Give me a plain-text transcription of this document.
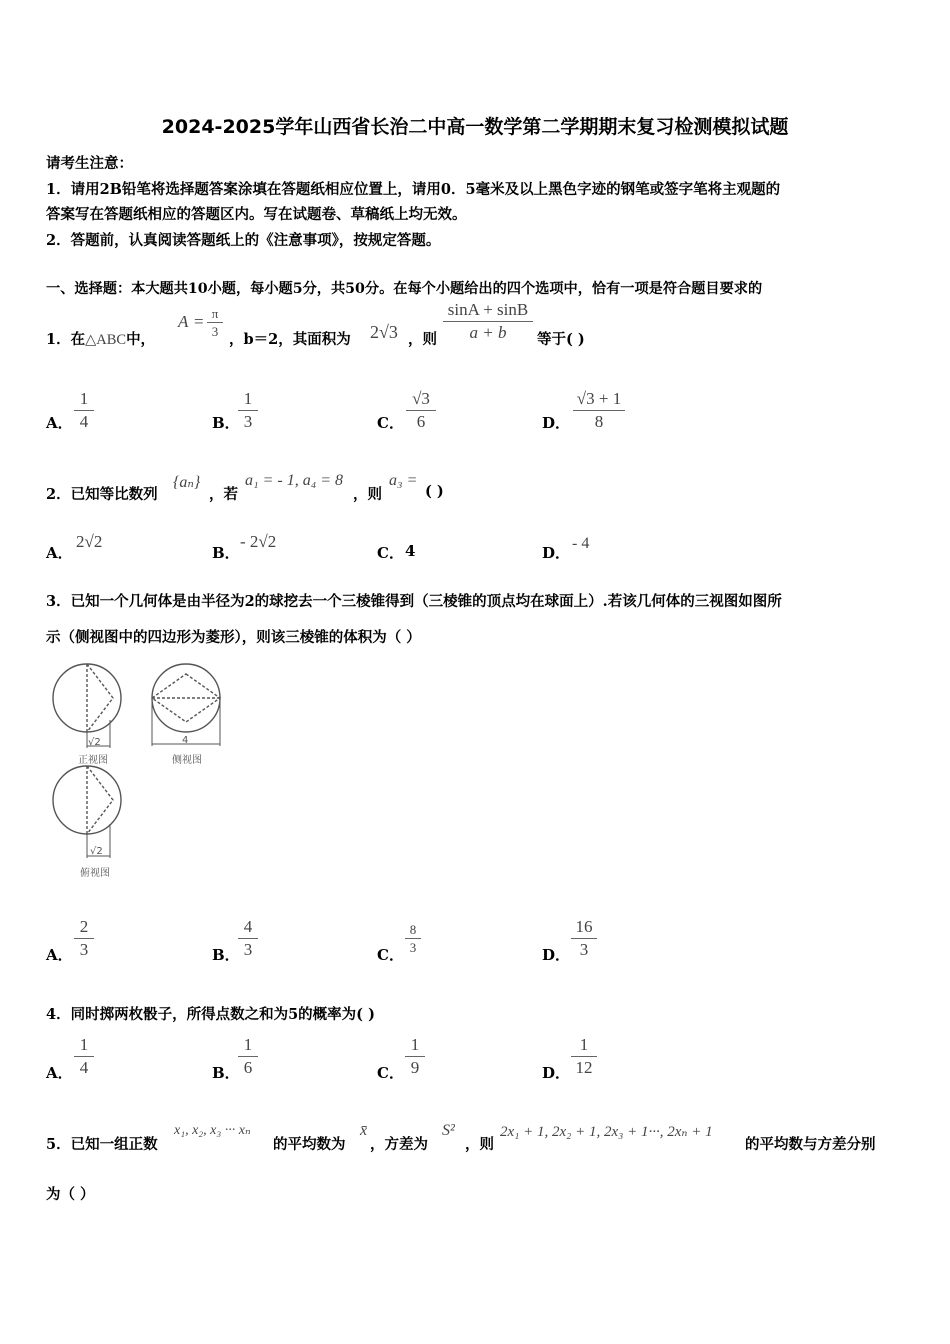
2024-2025学年山西省长治二中高一数学第二学期期末复习检测模拟试题
请考生注意：
1．请用2B铅笔将选择题答案涂填在答题纸相应位置上，请用0．5毫米及以上黑色字迹的钢笔或签字笔将主观题的
答案写在答题纸相应的答题区内。写在试题卷、草稿纸上均无效。
2．答题前，认真阅读答题纸上的《注意事项》，按规定答题。
一、选择题：本大题共10小题，每小题5分，共50分。在每个小题给出的四个选项中，恰有一项是符合题目要求的
1．在△ABC中，
A = π
3 ，b＝2，其面积为 2√3 ，则
sinA + sinB
a + b	等于( )
A．
1
4	B．
1
3	C．
√3
6	D．
√3 + 1
8
2．已知等比数列
{aₙ}
，若
a₁ = - 1, a₄ = 8
，则
a₃ =
( )
A．
2√2
B．
- 2√2
C． 4	D．
- 4
3．已知一个几何体是由半径为2的球挖去一个三棱锥得到（三棱锥的顶点均在球面上）.若该几何体的三视图如图所
示（侧视图中的四边形为菱形），则该三棱锥的体积为（ ）
√2
正视图
4
侧视图
√2
俯视图
A．
2
3	B．
4
3	C．
8
3	D．
16
3
4．同时掷两枚骰子，所得点数之和为5的概率为( )
A．
1
4	B．
1
6	C．
1
9	D．
1
12
5．已知一组正数
x₁, x₂, x₃ ··· xₙ
的平均数为
x̄
，方差为
S²
，则
2x₁ + 1, 2x₂ + 1, 2x₃ + 1···, 2xₙ + 1
的平均数与方差分别
为（ ）
